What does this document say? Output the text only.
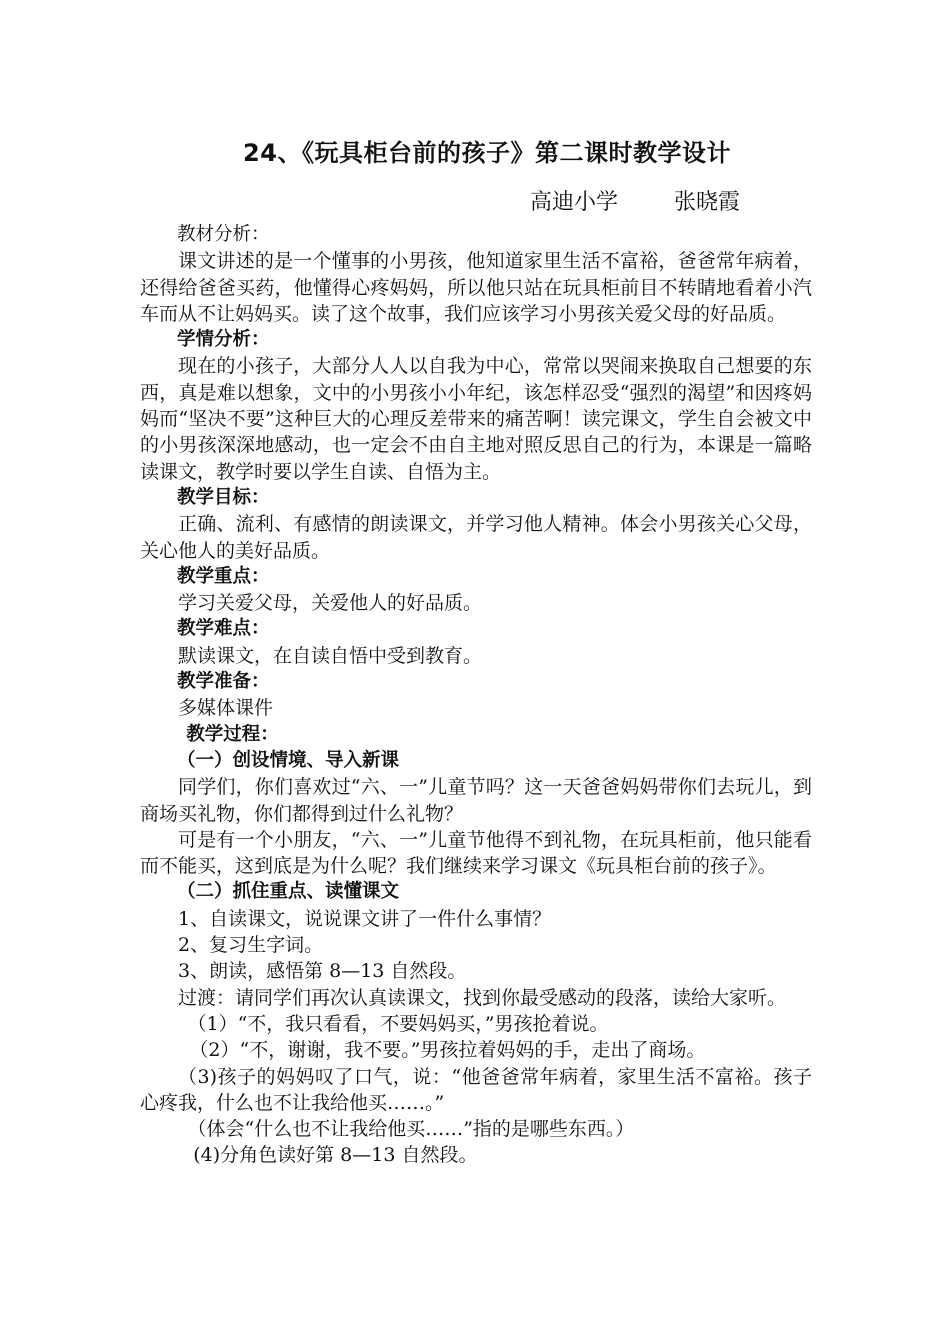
24、《玩具柜台前的孩子》第二课时教学设计
高迪小学        张晓霞

教材分析：

课文讲述的是一个懂事的小男孩，他知道家里生活不富裕，爸爸常年病着，还得给爸爸买药，他懂得心疼妈妈，所以他只站在玩具柜前目不转睛地看着小汽车而从不让妈妈买。读了这个故事，我们应该学习小男孩关爱父母的好品质。

学情分析：

现在的小孩子，大部分人人以自我为中心，常常以哭闹来换取自己想要的东西，真是难以想象，文中的小男孩小小年纪，该怎样忍受“强烈的渴望”和因疼妈妈而“坚决不要”这种巨大的心理反差带来的痛苦啊！读完课文，学生自会被文中的小男孩深深地感动，也一定会不由自主地对照反思自己的行为，本课是一篇略读课文，教学时要以学生自读、自悟为主。

教学目标：

正确、流利、有感情的朗读课文，并学习他人精神。体会小男孩关心父母，关心他人的美好品质。

教学重点：

学习关爱父母，关爱他人的好品质。

教学难点：

默读课文，在自读自悟中受到教育。

教学准备：

多媒体课件

教学过程：

（一）创设情境、导入新课

同学们，你们喜欢过“六、一”儿童节吗？这一天爸爸妈妈带你们去玩儿，到商场买礼物，你们都得到过什么礼物？

可是有一个小朋友，“六、一”儿童节他得不到礼物，在玩具柜前，他只能看而不能买，这到底是为什么呢？我们继续来学习课文《玩具柜台前的孩子》。

（二）抓住重点、读懂课文

1、自读课文，说说课文讲了一件什么事情？

2、复习生字词。

3、朗读，感悟第 8—13 自然段。

过渡：请同学们再次认真读课文，找到你最受感动的段落，读给大家听。

（1）“不，我只看看，不要妈妈买，”男孩抢着说。

（2）“不，谢谢，我不要。”男孩拉着妈妈的手，走出了商场。

（3)孩子的妈妈叹了口气，说：“他爸爸常年病着，家里生活不富裕。孩子心疼我，什么也不让我给他买……。”

（体会“什么也不让我给他买……”指的是哪些东西。）

(4)分角色读好第 8—13 自然段。
